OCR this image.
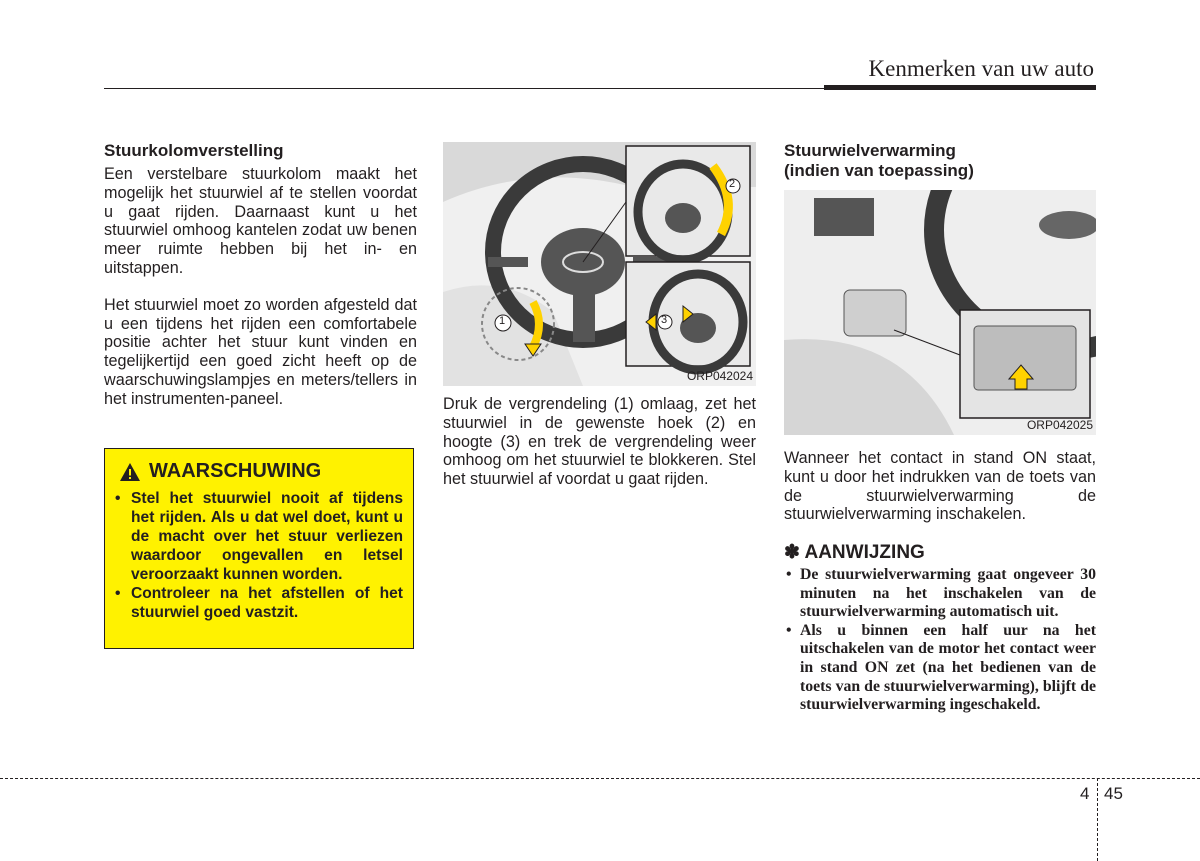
Kenmerken van uw auto
Stuurkolomverstelling

Een verstelbare stuurkolom maakt het mogelijk het stuurwiel af te stellen voordat u gaat rijden. Daarnaast kunt u het stuurwiel omhoog kantelen zodat uw benen meer ruimte hebben bij het in- en uitstappen.

Het stuurwiel moet zo worden afgesteld dat u een tijdens het rijden een comfortabele positie achter het stuur kunt vinden en tegelijkertijd een goed zicht heeft op de waarschuwingslampjes en meters/tellers in het instrumenten-paneel.

WAARSCHUWING
• Stel het stuurwiel nooit af tijdens het rijden. Als u dat wel doet, kunt u de macht over het stuur verliezen waardoor ongevallen en letsel veroorzaakt kunnen worden.
• Controleer na het afstellen of het stuurwiel goed vastzit.
1
2
3
ORP042024

Druk de vergrendeling (1) omlaag, zet het stuurwiel in de gewenste hoek (2) en hoogte (3) en trek de vergrendeling weer omhoog om het stuurwiel te blokkeren. Stel het stuurwiel af voordat u gaat rijden.

Stuurwielverwarming
(indien van toepassing)
ORP042025

Wanneer het contact in stand ON staat, kunt u door het indrukken van de toets van de stuurwielverwarming de stuurwielverwarming inschakelen.

✽ AANWIJZING
• De stuurwielverwarming gaat ongeveer 30 minuten na het inschakelen van de stuurwielverwarming automatisch uit.
• Als u binnen een half uur na het uitschakelen van de motor het contact weer in stand ON zet (na het bedienen van de toets van de stuurwielverwarming), blijft de stuurwielverwarming ingeschakeld.
4 45
